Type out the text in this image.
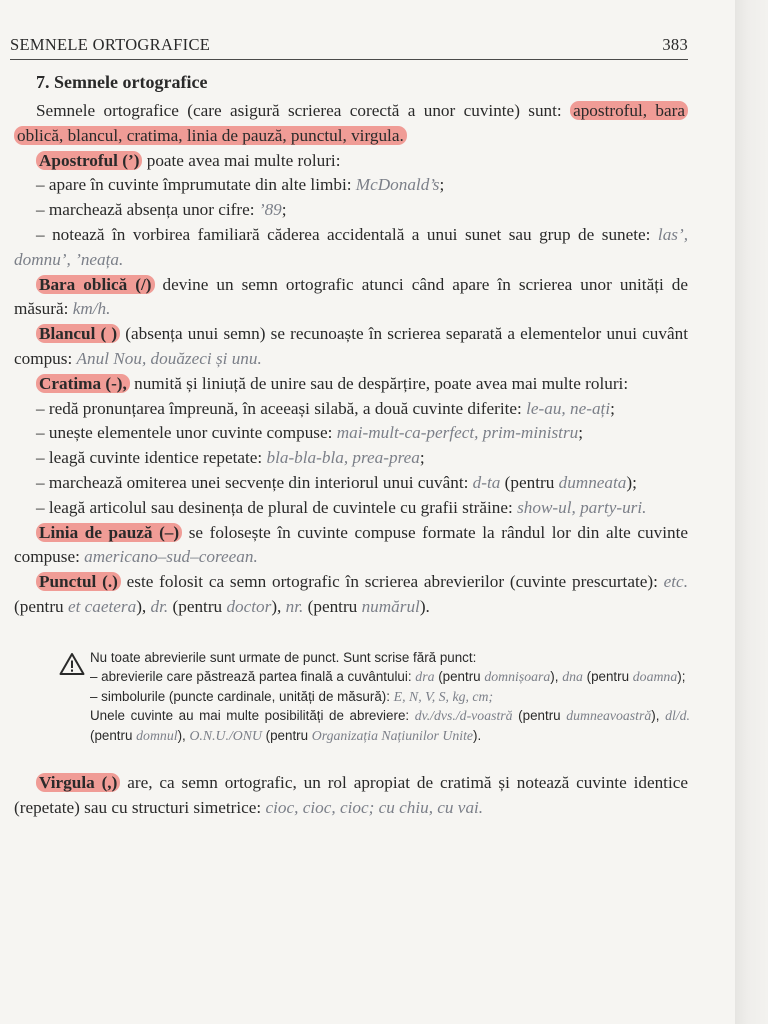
SEMNELE ORTOGRAFICE	383
7. Semnele ortografice

Semnele ortografice (care asigură scrierea corectă a unor cuvinte) sunt: apostroful, bara oblică, blancul, cratima, linia de pauză, punctul, virgula.

Apostroful (’) poate avea mai multe roluri:

– apare în cuvinte împrumutate din alte limbi: McDonald’s;

– marchează absența unor cifre: ’89;

– notează în vorbirea familiară căderea accidentală a unui sunet sau grup de sunete: las’, domnu’, ’neața.

Bara oblică (/) devine un semn ortografic atunci când apare în scrierea unor unități de măsură: km/h.

Blancul ( ) (absența unui semn) se recunoaște în scrierea separată a elementelor unui cuvânt compus: Anul Nou, douăzeci și unu.

Cratima (-), numită și liniuță de unire sau de despărțire, poate avea mai multe roluri:

– redă pronunțarea împreună, în aceeași silabă, a două cuvinte diferite: le-au, ne-ați;

– unește elementele unor cuvinte compuse: mai-mult-ca-perfect, prim-ministru;

– leagă cuvinte identice repetate: bla-bla-bla, prea-prea;

– marchează omiterea unei secvențe din interiorul unui cuvânt: d-ta (pentru dumneata);

– leagă articolul sau desinența de plural de cuvintele cu grafii străine: show-ul, party-uri.

Linia de pauză (–) se folosește în cuvinte compuse formate la rândul lor din alte cuvinte compuse: americano–sud–coreean.

Punctul (.) este folosit ca semn ortografic în scrierea abrevierilor (cuvinte prescurtate): etc. (pentru et caetera), dr. (pentru doctor), nr. (pentru numărul).

Nu toate abrevierile sunt urmate de punct. Sunt scrise fără punct:
– abrevierile care păstrează partea finală a cuvântului: dra (pentru domnișoara), dna (pentru doamna);
– simbolurile (puncte cardinale, unități de măsură): E, N, V, S, kg, cm;
Unele cuvinte au mai multe posibilități de abreviere: dv./dvs./d-voastră (pentru dumneavoastră), dl/d. (pentru domnul), O.N.U./ONU (pentru Organizația Națiunilor Unite).

Virgula (,) are, ca semn ortografic, un rol apropiat de cratimă și notează cuvinte identice (repetate) sau cu structuri simetrice: cioc, cioc, cioc; cu chiu, cu vai.
